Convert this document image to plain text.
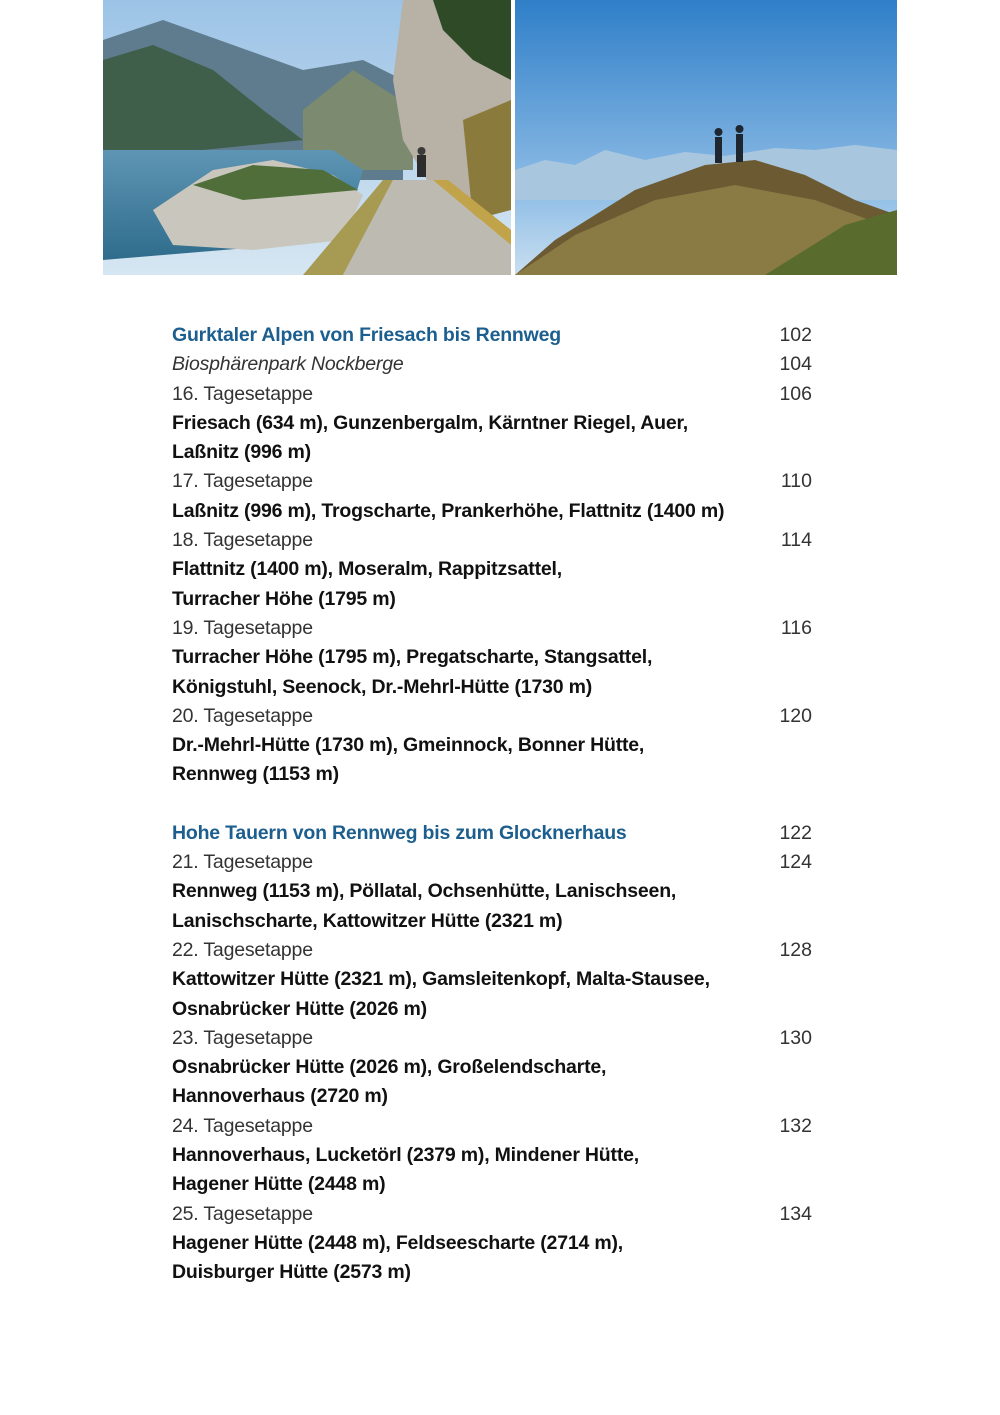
Gurktaler Alpen von Friesach bis Rennweg	102
Biosphärenpark Nockberge	104
16. Tagesetappe	106
Friesach (634 m), Gunzenbergalm, Kärntner Riegel, Auer,
Laßnitz (996 m)
17. Tagesetappe	110
Laßnitz (996 m), Trogscharte, Prankerhöhe, Flattnitz (1400 m)
18. Tagesetappe	114
Flattnitz (1400 m), Moseralm, Rappitzsattel,
Turracher Höhe (1795 m)
19. Tagesetappe	116
Turracher Höhe (1795 m), Pregatscharte, Stangsattel,
Königstuhl, Seenock, Dr.-Mehrl-Hütte (1730 m)
20. Tagesetappe	120
Dr.-Mehrl-Hütte (1730 m), Gmeinnock, Bonner Hütte,
Rennweg (1153 m)
Hohe Tauern von Rennweg bis zum Glocknerhaus	122
21. Tagesetappe	124
Rennweg (1153 m), Pöllatal, Ochsenhütte, Lanischseen,
Lanischscharte, Kattowitzer Hütte (2321 m)
22. Tagesetappe	128
Kattowitzer Hütte (2321 m), Gamsleitenkopf, Malta-Stausee,
Osnabrücker Hütte (2026 m)
23. Tagesetappe	130
Osnabrücker Hütte (2026 m), Großelendscharte,
Hannoverhaus (2720 m)
24. Tagesetappe	132
Hannoverhaus, Lucketörl (2379 m), Mindener Hütte,
Hagener Hütte (2448 m)
25. Tagesetappe	134
Hagener Hütte (2448 m), Feldseescharte (2714 m),
Duisburger Hütte (2573 m)
